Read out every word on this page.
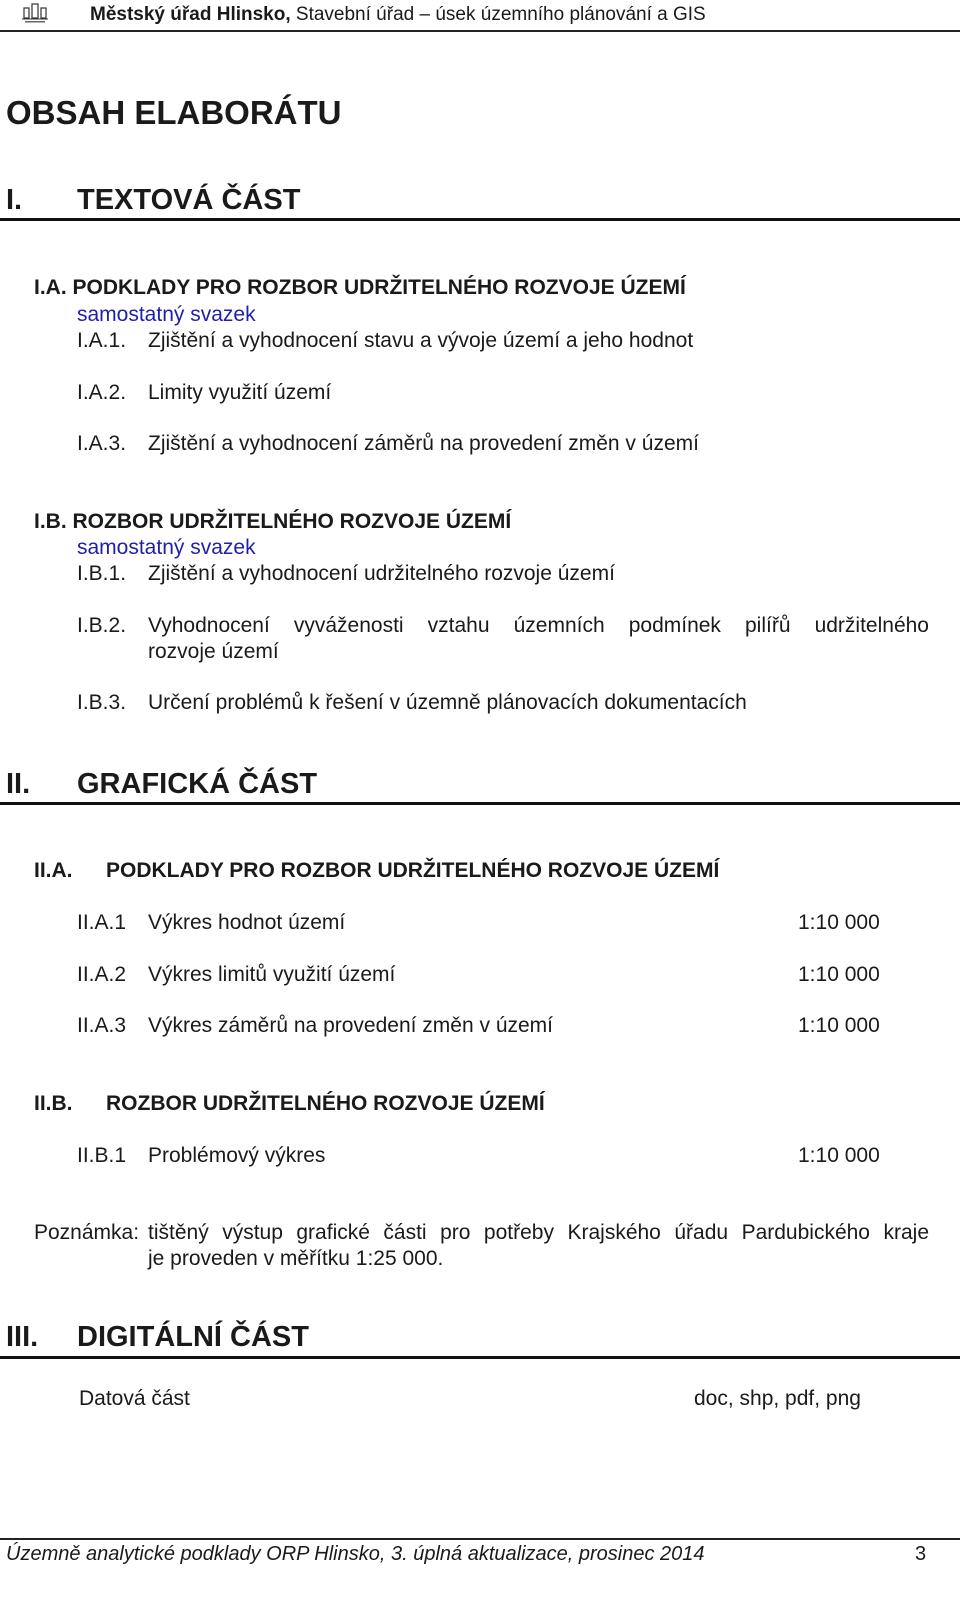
Městský úřad Hlinsko, Stavební úřad – úsek územního plánování a GIS
OBSAH ELABORÁTU
I. TEXTOVÁ ČÁST
I.A. PODKLADY PRO ROZBOR UDRŽITELNÉHO ROZVOJE ÚZEMÍ
samostatný svazek
I.A.1. Zjištění a vyhodnocení stavu a vývoje území a jeho hodnot
I.A.2. Limity využití území
I.A.3. Zjištění a vyhodnocení záměrů na provedení změn v území
I.B. ROZBOR UDRŽITELNÉHO ROZVOJE ÚZEMÍ
samostatný svazek
I.B.1. Zjištění a vyhodnocení udržitelného rozvoje území
I.B.2. Vyhodnocení vyváženosti vztahu územních podmínek pilířů udržitelného
rozvoje území
I.B.3. Určení problémů k řešení v územně plánovacích dokumentacích
II. GRAFICKÁ ČÁST
II.A. PODKLADY PRO ROZBOR UDRŽITELNÉHO ROZVOJE ÚZEMÍ
II.A.1 Výkres hodnot území	1:10 000
II.A.2 Výkres limitů využití území	1:10 000
II.A.3 Výkres záměrů na provedení změn v území	1:10 000
II.B. ROZBOR UDRŽITELNÉHO ROZVOJE ÚZEMÍ
II.B.1 Problémový výkres	1:10 000
Poznámka: tištěný výstup grafické části pro potřeby Krajského úřadu Pardubického kraje
je proveden v měřítku 1:25 000.
III. DIGITÁLNÍ ČÁST
Datová část	doc, shp, pdf, png
Územně analytické podklady ORP Hlinsko, 3. úplná aktualizace, prosinec 2014	3
